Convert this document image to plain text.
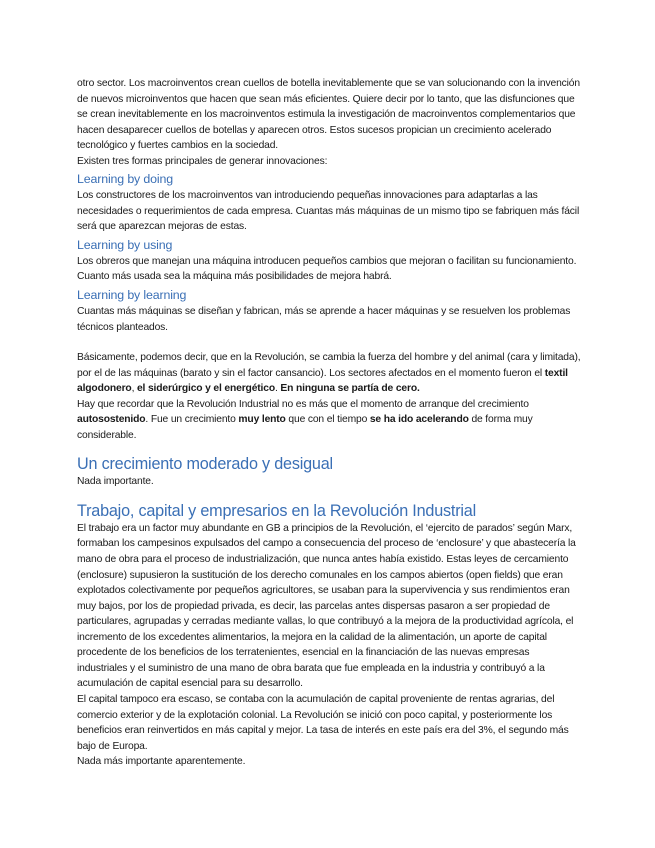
otro sector. Los macroinventos crean cuellos de botella inevitablemente que se van solucionando con la invención de nuevos microinventos que hacen que sean más eficientes. Quiere decir por lo tanto, que las disfunciones que se crean inevitablemente en los macroinventos estimula la investigación de macroinventos complementarios que hacen desaparecer cuellos de botellas y aparecen otros. Estos sucesos propician un crecimiento acelerado tecnológico y fuertes cambios en la sociedad.

Existen tres formas principales de generar innovaciones:

Learning by doing

Los constructores de los macroinventos van introduciendo pequeñas innovaciones para adaptarlas a las necesidades o requerimientos de cada empresa. Cuantas más máquinas de un mismo tipo se fabriquen más fácil será que aparezcan mejoras de estas.

Learning by using

Los obreros que manejan una máquina introducen pequeños cambios que mejoran o facilitan su funcionamiento. Cuanto más usada sea la máquina más posibilidades de mejora habrá.

Learning by learning

Cuantas más máquinas se diseñan y fabrican, más se aprende a hacer máquinas y se resuelven los problemas técnicos planteados.

Básicamente, podemos decir, que en la Revolución, se cambia la fuerza del hombre y del animal (cara y limitada), por el de las máquinas (barato y sin el factor cansancio). Los sectores afectados en el momento fueron el textil algodonero, el siderúrgico y el energético. En ninguna se partía de cero.

Hay que recordar que la Revolución Industrial no es más que el momento de arranque del crecimiento autosostenido. Fue un crecimiento muy lento que con el tiempo se ha ido acelerando de forma muy considerable.

Un crecimiento moderado y desigual

Nada importante.

Trabajo, capital y empresarios en la Revolución Industrial

El trabajo era un factor muy abundante en GB a principios de la Revolución, el ‘ejercito de parados’ según Marx, formaban los campesinos expulsados del campo a consecuencia del proceso de ‘enclosure’ y que abastecería la mano de obra para el proceso de industrialización, que nunca antes había existido. Estas leyes de cercamiento (enclosure) supusieron la sustitución de los derecho comunales en los campos abiertos (open fields) que eran explotados colectivamente por pequeños agricultores, se usaban para la supervivencia y sus rendimientos eran muy bajos, por los de propiedad privada, es decir, las parcelas antes dispersas pasaron a ser propiedad de particulares, agrupadas y cerradas mediante vallas, lo que contribuyó a la mejora de la productividad agrícola, el incremento de los excedentes alimentarios, la mejora en la calidad de la alimentación, un aporte de capital procedente de los beneficios de los terratenientes, esencial en la financiación de las nuevas empresas industriales y el suministro de una mano de obra barata que fue empleada en la industria y contribuyó a la acumulación de capital esencial para su desarrollo.

El capital tampoco era escaso, se contaba con la acumulación de capital proveniente de rentas agrarias, del comercio exterior y de la explotación colonial. La Revolución se inició con poco capital, y posteriormente los beneficios eran reinvertidos en más capital y mejor. La tasa de interés en este país era del 3%, el segundo más bajo de Europa.

Nada más importante aparentemente.
